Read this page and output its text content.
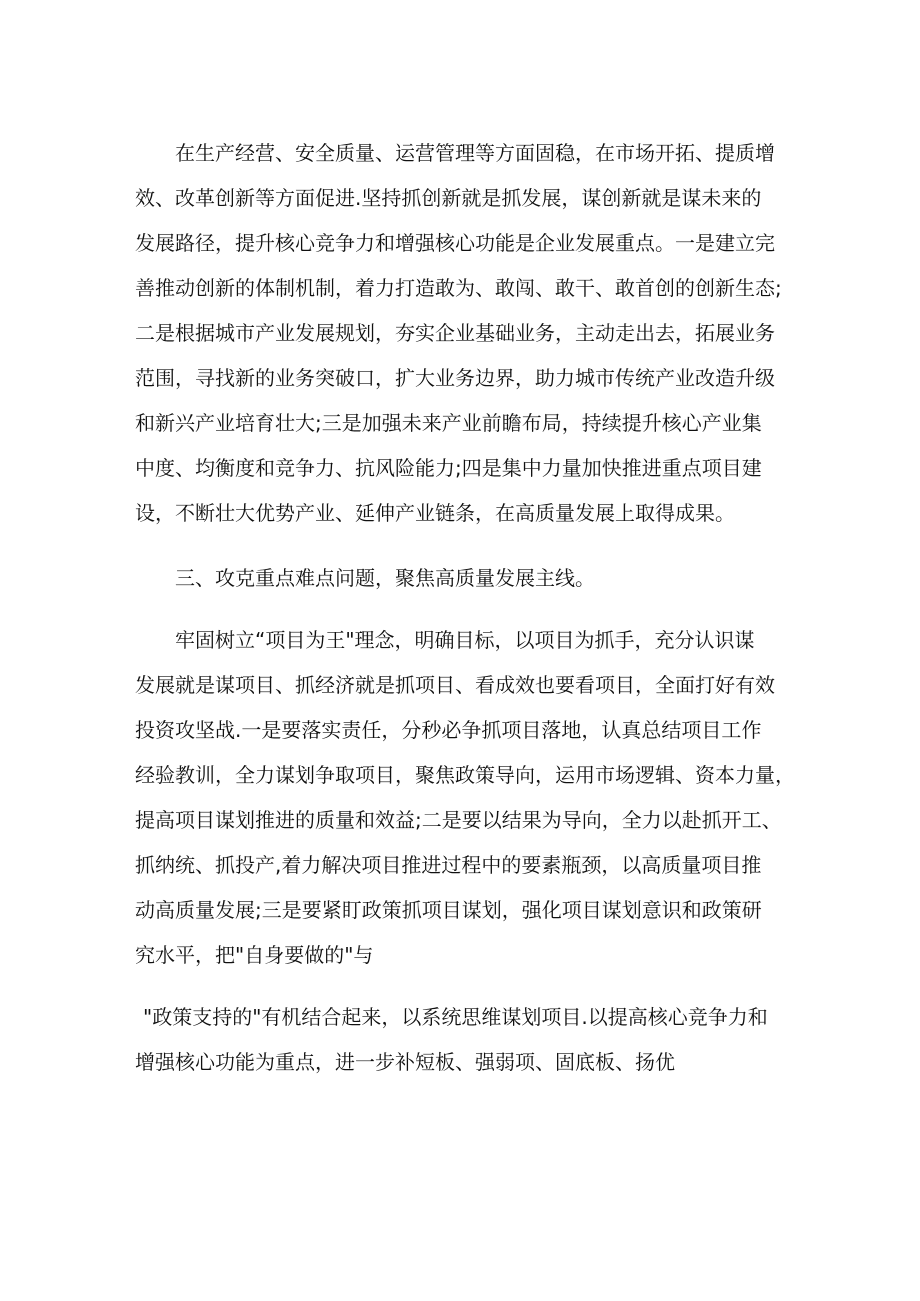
在生产经营、安全质量、运营管理等方面固稳，在市场开拓、提质增
效、改革创新等方面促进.坚持抓创新就是抓发展，谋创新就是谋未来的
发展路径，提升核心竞争力和增强核心功能是企业发展重点。一是建立完
善推动创新的体制机制，着力打造敢为、敢闯、敢干、敢首创的创新生态;
二是根据城市产业发展规划，夯实企业基础业务，主动走出去，拓展业务
范围，寻找新的业务突破口，扩大业务边界，助力城市传统产业改造升级
和新兴产业培育壮大;三是加强未来产业前瞻布局，持续提升核心产业集
中度、均衡度和竞争力、抗风险能力;四是集中力量加快推进重点项目建
设，不断壮大优势产业、延伸产业链条，在高质量发展上取得成果。
三、攻克重点难点问题，聚焦高质量发展主线。
牢固树立“项目为王"理念，明确目标，以项目为抓手，充分认识谋
发展就是谋项目、抓经济就是抓项目、看成效也要看项目，全面打好有效
投资攻坚战.一是要落实责任，分秒必争抓项目落地，认真总结项目工作
经验教训，全力谋划争取项目，聚焦政策导向，运用市场逻辑、资本力量，
提高项目谋划推进的质量和效益;二是要以结果为导向，全力以赴抓开工、
抓纳统、抓投产,着力解决项目推进过程中的要素瓶颈，以高质量项目推
动高质量发展;三是要紧盯政策抓项目谋划，强化项目谋划意识和政策研
究水平，把"自身要做的"与
"政策支持的"有机结合起来，以系统思维谋划项目.以提高核心竞争力和
增强核心功能为重点，进一步补短板、强弱项、固底板、扬优
